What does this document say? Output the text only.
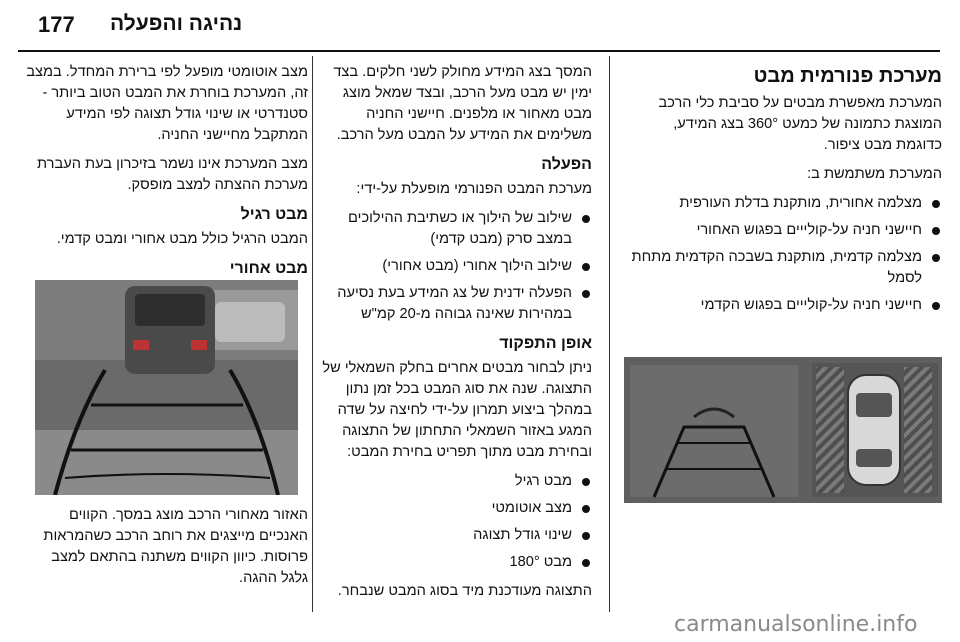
177 נהיגה והפעלה
מערכת פנורמית מבט

המערכת מאפשרת מבטים על סביבת כלי הרכב המוצגת כתמונה של כמעט 360° בצג המידע, כדוגמת מבט ציפור.

המערכת משתמשת ב:

מצלמה אחורית, מותקנת בדלת העורפית
חיישני חניה על-קולייים בפגוש האחורי
מצלמה קדמית, מותקנת בשבכה הקדמית מתחת לסמל
חיישני חניה על-קולייים בפגוש הקדמי

המסך בצג המידע מחולק לשני חלקים. בצד ימין יש מבט מעל הרכב, ובצד שמאל מוצג מבט מאחור או מלפנים. חיישני החניה משלימים את המידע על המבט מעל הרכב.

הפעלה

מערכת המבט הפנורמי מופעלת על-ידי:

שילוב של הילוך או כשתיבת ההילוכים במצב סרק (מבט קדמי)
שילוב הילוך אחורי (מבט אחורי)
הפעלה ידנית של צג המידע בעת נסיעה במהירות שאינה גבוהה מ-20 קמ"ש
אופן התפקוד

ניתן לבחור מבטים אחרים בחלק השמאלי של התצוגה. שנה את סוג המבט בכל זמן נתון במהלך ביצוע תמרון על-ידי לחיצה על שדה המגע באזור השמאלי התחתון של התצוגה ובחירת מבט מתוך תפריט בחירת המבט:

מבט רגיל
מצב אוטומטי
שינוי גודל תצוגה
מבט 180°

התצוגה מעודכנת מיד בסוג המבט שנבחר.

מצב אוטומטי מופעל לפי ברירת המחדל. במצב זה, המערכת בוחרת את המבט הטוב ביותר - סטנדרטי או שינוי גודל תצוגה לפי המידע המתקבל מחיישני החניה.

מצב המערכת אינו נשמר בזיכרון בעת העברת מערכת ההצתה למצב מופסק.

מבט רגיל

המבט הרגיל כולל מבט אחורי ומבט קדמי.

מבט אחורי

האזור מאחורי הרכב מוצג במסך. הקווים האנכיים מייצגים את רוחב הרכב כשהמראות פרוסות. כיוון הקווים משתנה בהתאם למצב גלגל ההגה.

carmanualsonline.info
